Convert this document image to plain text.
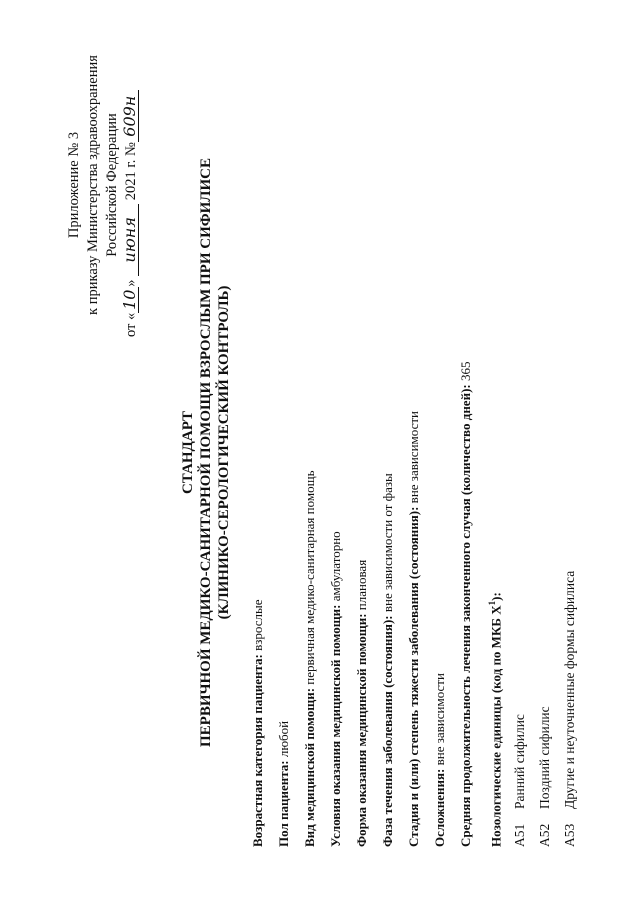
Приложение № 3 к приказу Министерства здравоохранения Российской Федерации
от «10» июня 2021 г. №609н
СТАНДАРТ ПЕРВИЧНОЙ МЕДИКО-САНИТАРНОЙ ПОМОЩИ ВЗРОСЛЫМ ПРИ СИФИЛИСЕ (КЛИНИКО-СЕРОЛОГИЧЕСКИЙ КОНТРОЛЬ)
Возрастная категория пациента: взрослые
Пол пациента: любой Вид медицинской помощи: первичная медико-санитарная помощь
Условия оказания медицинской помощи: амбулаторно
Форма оказания медицинской помощи: плановая
Фаза течения заболевания (состояния): вне зависимости от фазы Стадия и (или) степень тяжести заболевания (состояния): вне зависимости
Осложнения: вне зависимости Средняя продолжительность лечения законченного случая (количество дней): 365
Нозологические единицы (код по МКБ $X^1$):
A51Ранний сифилис
A52Поздний сифилис
A53Другие и неуточненные формы сифилиса
